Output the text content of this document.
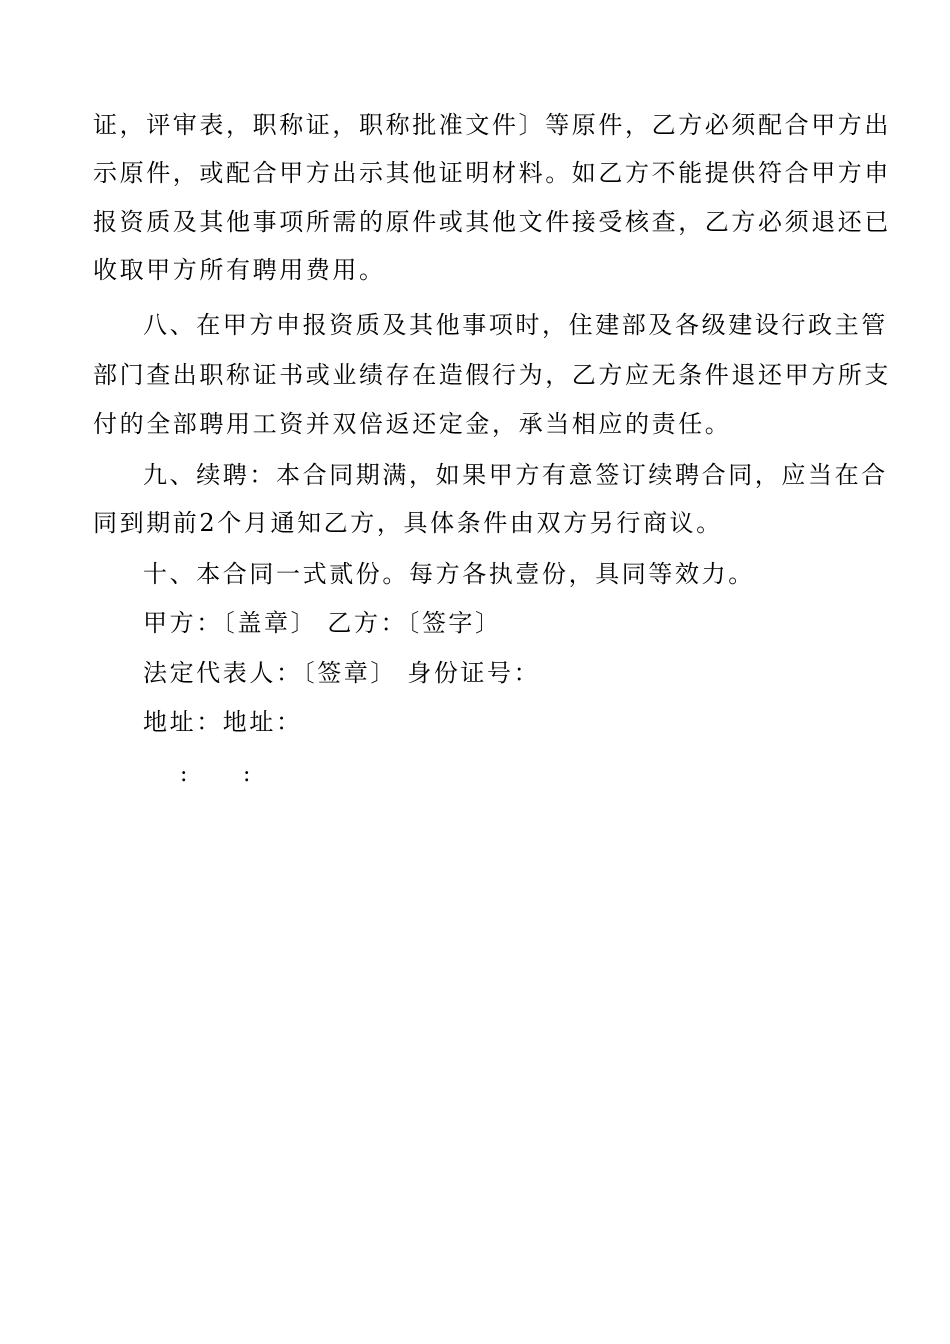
证，评审表，职称证，职称批准文件〕等原件，乙方必须配合甲方出
示原件，或配合甲方出示其他证明材料。如乙方不能提供符合甲方申
报资质及其他事项所需的原件或其他文件接受核查，乙方必须退还已
收取甲方所有聘用费用。
八、在甲方申报资质及其他事项时，住建部及各级建设行政主管
部门查出职称证书或业绩存在造假行为，乙方应无条件退还甲方所支
付的全部聘用工资并双倍返还定金，承当相应的责任。
九、续聘：本合同期满，如果甲方有意签订续聘合同，应当在合
同到期前2个月通知乙方，具体条件由双方另行商议。
十、本合同一式贰份。每方各执壹份，具同等效力。
甲方：〔盖章〕 乙方：〔签字〕
法定代表人：〔签章〕 身份证号：
地址：地址：
:	:
